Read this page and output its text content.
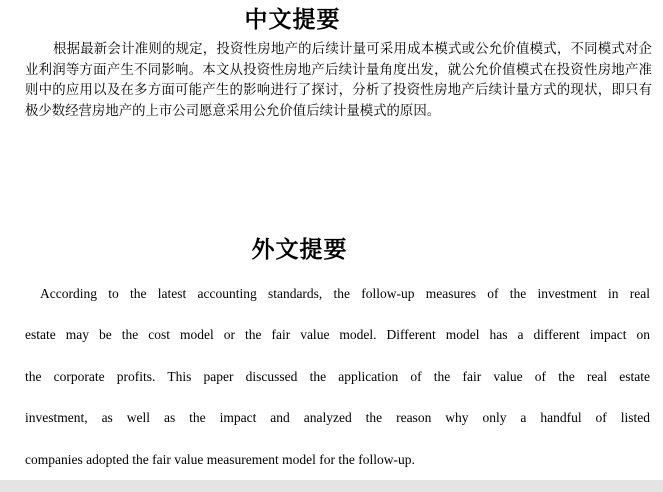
中文提要
根据最新会计准则的规定，投资性房地产的后续计量可采用成本模式或公允价值模式，不同模式对企业利润等方面产生不同影响。本文从投资性房地产后续计量角度出发，就公允价值模式在投资性房地产准则中的应用以及在多方面可能产生的影响进行了探讨，分析了投资性房地产后续计量方式的现状，即只有极少数经营房地产的上市公司愿意采用公允价值后续计量模式的原因。
外文提要
According to the latest accounting standards, the follow-up measures of the investment in real
estate may be the cost model or the fair value model. Different model has a different impact on
the corporate profits. This paper discussed the application of the fair value of the real estate
investment, as well as the impact and analyzed the reason why only a handful of listed
companies adopted the fair value measurement model for the follow-up.
